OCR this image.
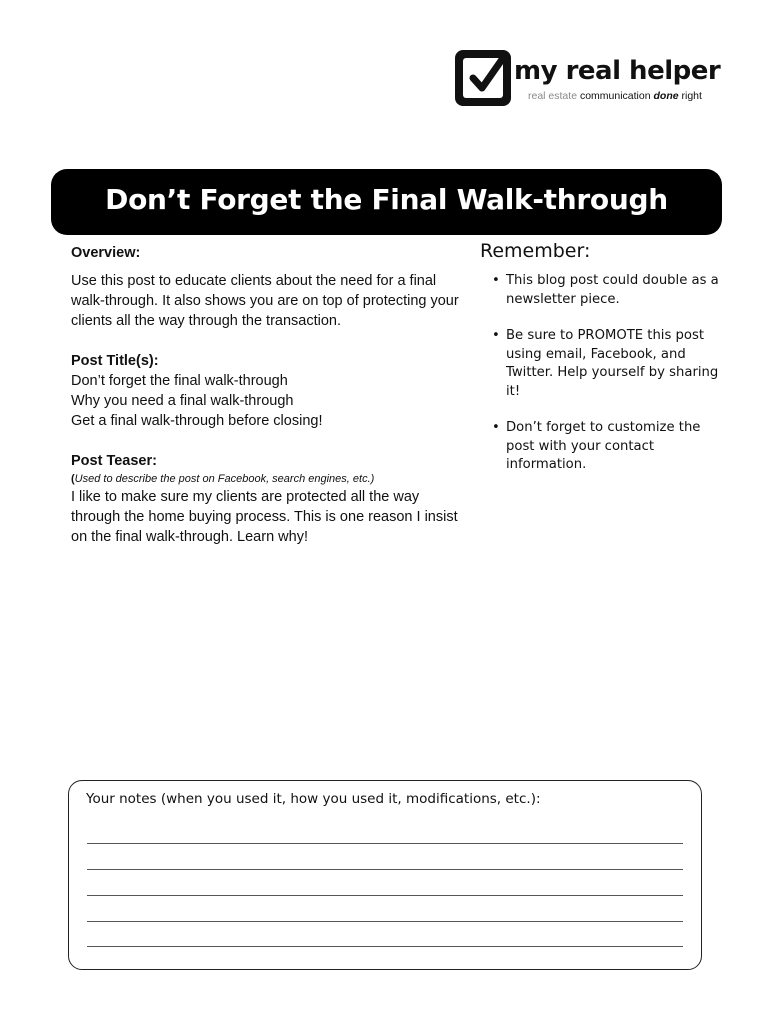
my real helper
real estate communication done right
Don’t Forget the Final Walk-through
Overview:

Use this post to educate clients about the need for a final walk-through. It also shows you are on top of protecting your clients all the way through the transaction.

Post Title(s):

Don’t forget the final walk-through

Why you need a final walk-through

Get a final walk-through before closing!

Post Teaser:

(Used to describe the post on Facebook, search engines, etc.)

I like to make sure my clients are protected all the way through the home buying process. This is one reason I insist on the final walk-through. Learn why!

Remember:
• This blog post could double as a newsletter piece.
• Be sure to PROMOTE this post using email, Facebook, and Twitter. Help yourself by sharing it!
• Don’t forget to customize the post with your contact information.
Your notes (when you used it, how you used it, modifications, etc.):
